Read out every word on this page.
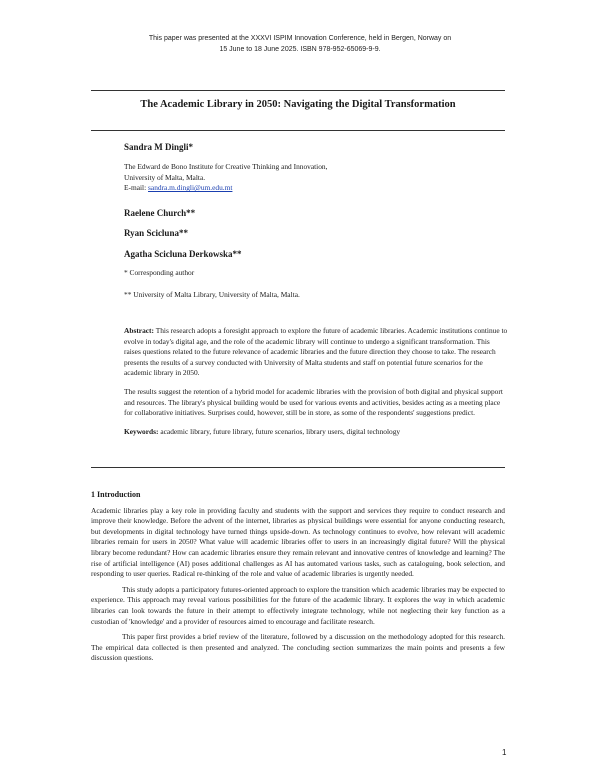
This paper was presented at the XXXVI ISPIM Innovation Conference, held in Bergen, Norway on
15 June to 18 June 2025. ISBN 978-952-65069-9-9.
The Academic Library in 2050: Navigating the Digital Transformation
Sandra M Dingli*
The Edward de Bono Institute for Creative Thinking and Innovation,
University of Malta, Malta.
E-mail: sandra.m.dingli@um.edu.mt
Raelene Church**
Ryan Scicluna**
Agatha Scicluna Derkowska**
* Corresponding author
** University of Malta Library, University of Malta, Malta.

Abstract: This research adopts a foresight approach to explore the future of academic libraries. Academic institutions continue to evolve in today's digital age, and the role of the academic library will continue to undergo a significant transformation. This raises questions related to the future relevance of academic libraries and the future direction they choose to take. The research presents the results of a survey conducted with University of Malta students and staff on potential future scenarios for the academic library in 2050.

The results suggest the retention of a hybrid model for academic libraries with the provision of both digital and physical support and resources. The library's physical building would be used for various events and activities, besides acting as a meeting place for collaborative initiatives. Surprises could, however, still be in store, as some of the respondents' suggestions predict.

Keywords: academic library, future library, future scenarios, library users, digital technology

1 Introduction

Academic libraries play a key role in providing faculty and students with the support and services they require to conduct research and improve their knowledge. Before the advent of the internet, libraries as physical buildings were essential for anyone conducting research, but developments in digital technology have turned things upside-down. As technology continues to evolve, how relevant will academic libraries remain for users in 2050? What value will academic libraries offer to users in an increasingly digital future? Will the physical library become redundant? How can academic libraries ensure they remain relevant and innovative centres of knowledge and learning? The rise of artificial intelligence (AI) poses additional challenges as AI has automated various tasks, such as cataloguing, book selection, and responding to user queries. Radical re-thinking of the role and value of academic libraries is urgently needed.

This study adopts a participatory futures-oriented approach to explore the transition which academic libraries may be expected to experience. This approach may reveal various possibilities for the future of the academic library. It explores the way in which academic libraries can look towards the future in their attempt to effectively integrate technology, while not neglecting their key function as a custodian of 'knowledge' and a provider of resources aimed to encourage and facilitate research.

This paper first provides a brief review of the literature, followed by a discussion on the methodology adopted for this research. The empirical data collected is then presented and analyzed. The concluding section summarizes the main points and presents a few discussion questions.

1
